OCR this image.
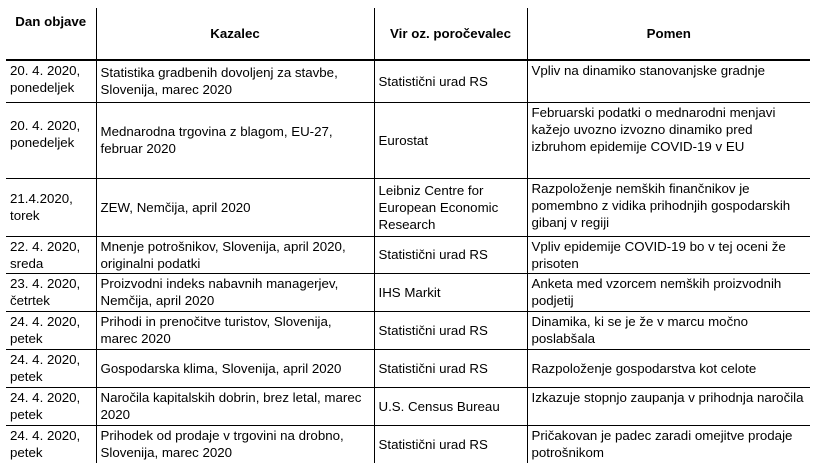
Dan objave	Kazalec	Vir oz. poročevalec	Pomen
20. 4. 2020, ponedeljek	Statistika gradbenih dovoljenj za stavbe, Slovenija, marec 2020	Statistični urad RS	Vpliv na dinamiko stanovanjske gradnje
20. 4. 2020, ponedeljek	Mednarodna trgovina z blagom, EU-27, februar 2020	Eurostat	Februarski podatki o mednarodni menjavi kažejo uvozno izvozno dinamiko pred izbruhom epidemije COVID-19 v EU
21.4.2020, torek	ZEW, Nemčija, april 2020	Leibniz Centre for European Economic Research	Razpoloženje nemških finančnikov je pomembno z vidika prihodnjih gospodarskih gibanj v regiji
22. 4. 2020, sreda	Mnenje potrošnikov, Slovenija, april 2020, originalni podatki	Statistični urad RS	Vpliv epidemije COVID-19 bo v tej oceni že prisoten
23. 4. 2020, četrtek	Proizvodni indeks nabavnih managerjev, Nemčija, april 2020	IHS Markit	Anketa med vzorcem nemških proizvodnih podjetij
24. 4. 2020, petek	Prihodi in prenočitve turistov, Slovenija, marec 2020	Statistični urad RS	Dinamika, ki se je že v marcu močno poslabšala
24. 4. 2020, petek	Gospodarska klima, Slovenija, april 2020	Statistični urad RS	Razpoloženje gospodarstva kot celote
24. 4. 2020, petek	Naročila kapitalskih dobrin, brez letal, marec 2020	U.S. Census Bureau	Izkazuje stopnjo zaupanja v prihodnja naročila
24. 4. 2020, petek	Prihodek od prodaje v trgovini na drobno, Slovenija, marec 2020	Statistični urad RS	Pričakovan je padec zaradi omejitve prodaje potrošnikom
